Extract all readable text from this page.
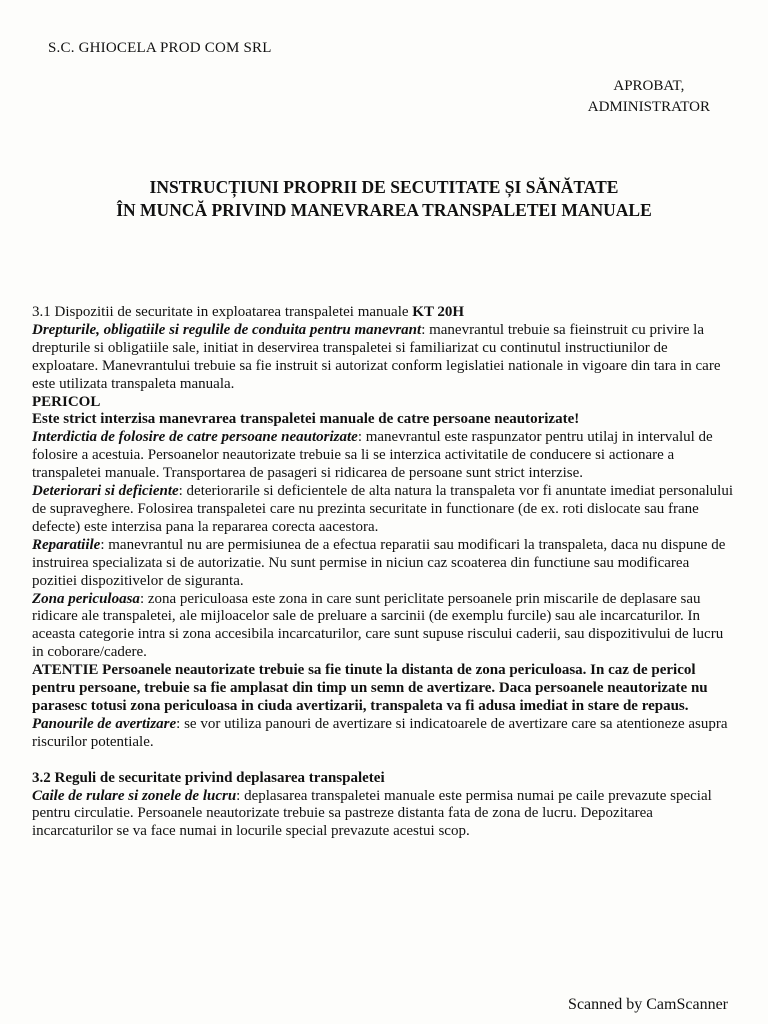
S.C. GHIOCELA PROD COM SRL
APROBAT,
ADMINISTRATOR
INSTRUCȚIUNI PROPRII DE SECUTITATE ȘI SĂNĂTATE
ÎN MUNCĂ PRIVIND MANEVRAREA TRANSPALETEI MANUALE

3.1 Dispozitii de securitate in exploatarea transpaletei manuale KT 20H

Drepturile, obligatiile si regulile de conduita pentru manevrant: manevrantul trebuie sa fieinstruit cu privire la drepturile si obligatiile sale, initiat in deservirea transpaletei si familiarizat cu continutul instructiunilor de exploatare. Manevrantului trebuie sa fie instruit si autorizat conform legislatiei nationale in vigoare din tara in care este utilizata transpaleta manuala.

PERICOL

Este strict interzisa manevrarea transpaletei manuale de catre persoane neautorizate!

Interdictia de folosire de catre persoane neautorizate: manevrantul este raspunzator pentru utilaj in intervalul de folosire a acestuia. Persoanelor neautorizate trebuie sa li se interzica activitatile de conducere si actionare a transpaletei manuale. Transportarea de pasageri si ridicarea de persoane sunt strict interzise.

Deteriorari si deficiente: deteriorarile si deficientele de alta natura la transpaleta vor fi anuntate imediat personalului de supraveghere. Folosirea transpaletei care nu prezinta securitate in functionare (de ex. roti dislocate sau frane defecte) este interzisa pana la repararea corecta aacestora.

Reparatiile: manevrantul nu are permisiunea de a efectua reparatii sau modificari la transpaleta, daca nu dispune de instruirea specializata si de autorizatie. Nu sunt permise in niciun caz scoaterea din functiune sau modificarea pozitiei dispozitivelor de siguranta.

Zona periculoasa: zona periculoasa este zona in care sunt periclitate persoanele prin miscarile de deplasare sau ridicare ale transpaletei, ale mijloacelor sale de preluare a sarcinii (de exemplu furcile) sau ale incarcaturilor. In aceasta categorie intra si zona accesibila incarcaturilor, care sunt supuse riscului caderii, sau dispozitivului de lucru in coborare/cadere.

ATENTIE Persoanele neautorizate trebuie sa fie tinute la distanta de zona periculoasa. In caz de pericol pentru persoane, trebuie sa fie amplasat din timp un semn de avertizare. Daca persoanele neautorizate nu parasesc totusi zona periculoasa in ciuda avertizarii, transpaleta va fi adusa imediat in stare de repaus.

Panourile de avertizare: se vor utiliza panouri de avertizare si indicatoarele de avertizare care sa atentioneze asupra riscurilor potentiale.

3.2 Reguli de securitate privind deplasarea transpaletei

Caile de rulare si zonele de lucru: deplasarea transpaletei manuale este permisa numai pe caile prevazute special pentru circulatie. Persoanele neautorizate trebuie sa pastreze distanta fata de zona de lucru. Depozitarea incarcaturilor se va face numai in locurile special prevazute acestui scop.

Scanned by CamScanner
